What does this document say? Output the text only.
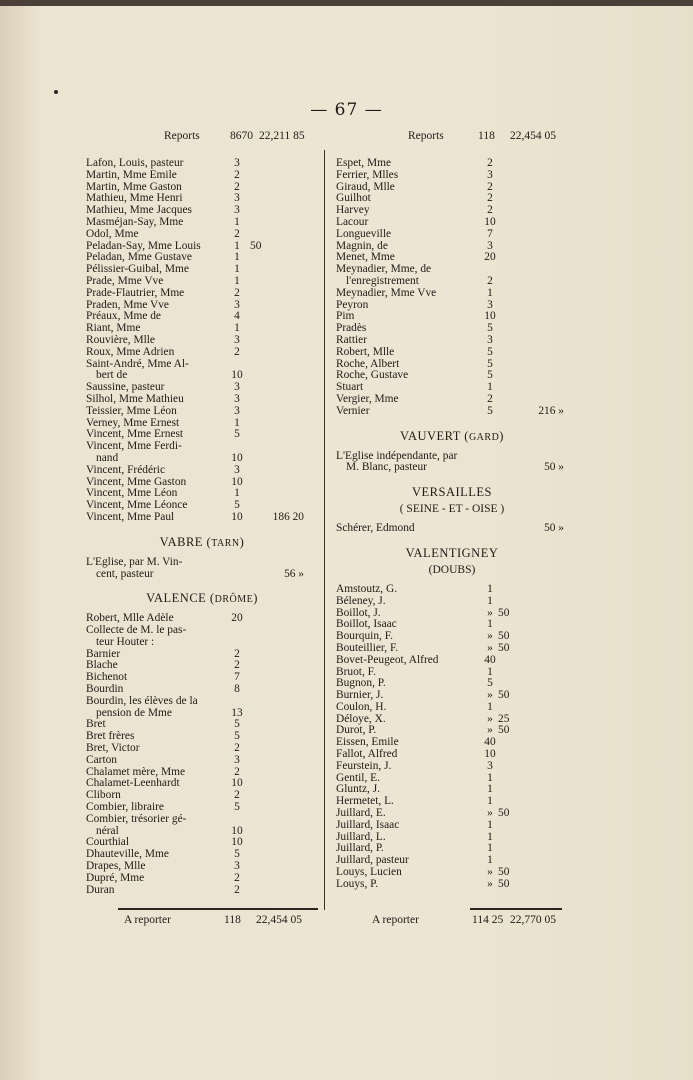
— 67 —
Reports	8670 22,211 85
Lafon, Louis, pasteur	3
Martin, Mme Emile	2
Martin, Mme Gaston	2
Mathieu, Mme Henri	3
Mathieu, Mme Jacques	3
Masméjan-Say, Mme	1
Odol, Mme	2
Peladan-Say, Mme Louis	1 50
Peladan, Mme Gustave	1
Pélissier-Guibal, Mme	1
Prade, Mme Vve	1
Prade-Flautrier, Mme	2
Praden, Mme Vve	3
Préaux, Mme de	4
Riant, Mme	1
Rouvière, Mlle	3
Roux, Mme Adrien	2
Saint-André, Mme Al-
bert de	10
Saussine, pasteur	3
Silhol, Mme Mathieu	3
Teissier, Mme Léon	3
Verney, Mme Ernest	1
Vincent, Mme Ernest	5
Vincent, Mme Ferdi-
nand	10
Vincent, Frédéric	3
Vincent, Mme Gaston	10
Vincent, Mme Léon	1
Vincent, Mme Léonce	5
Vincent, Mme Paul	10	186 20
VABRE (TARN)
L'Eglise, par M. Vin-
cent, pasteur	56 »
VALENCE (DRÔME)
Robert, Mlle Adèle	20
Collecte de M. le pas-
teur Houter :
Barnier	2
Blache	2
Bichenot	7
Bourdin	8
Bourdin, les élèves de la
pension de Mme	13
Bret	5
Bret frères	5
Bret, Victor	2
Carton	3
Chalamet mère, Mme	2
Chalamet-Leenhardt	10
Cliborn	2
Combier, libraire	5
Combier, trésorier gé-
néral	10
Courthial	10
Dhauteville, Mme	5
Drapes, Mlle	3
Dupré, Mme	2
Duran	2
Reports	118 22,454 05
Espet, Mme	2
Ferrier, Mlles	3
Giraud, Mlle	2
Guilhot	2
Harvey	2
Lacour	10
Longueville	7
Magnin, de	3
Menet, Mme	20
Meynadier, Mme, de
l'enregistrement	2
Meynadier, Mme Vve	1
Peyron	3
Pim	10
Pradès	5
Rattier	3
Robert, Mlle	5
Roche, Albert	5
Roche, Gustave	5
Stuart	1
Vergier, Mme	2
Vernier	5	216 »
VAUVERT (GARD)
L'Eglise indépendante, par
M. Blanc, pasteur	50 »
VERSAILLES
( SEINE - ET - OISE )
Schérer, Edmond	50 »
VALENTIGNEY
(DOUBS)
Amstoutz, G.	1
Béleney, J.	1
Boillot, J.	» 50
Boillot, Isaac	1
Bourquin, F.	» 50
Bouteillier, F.	» 50
Bovet-Peugeot, Alfred	40
Bruot, F.	1
Bugnon, P.	5
Burnier, J.	» 50
Coulon, H.	1
Déloye, X.	» 25
Durot, P.	» 50
Eissen, Emile	40
Fallot, Alfred	10
Feurstein, J.	3
Gentil, E.	1
Gluntz, J.	1
Hermetet, L.	1
Juillard, E.	» 50
Juillard, Isaac	1
Juillard, L.	1
Juillard, P.	1
Juillard, pasteur	1
Louys, Lucien	» 50
Louys, P.	» 50
A reporter	118 22,454 05	A reporter	114 25 22,770 05
